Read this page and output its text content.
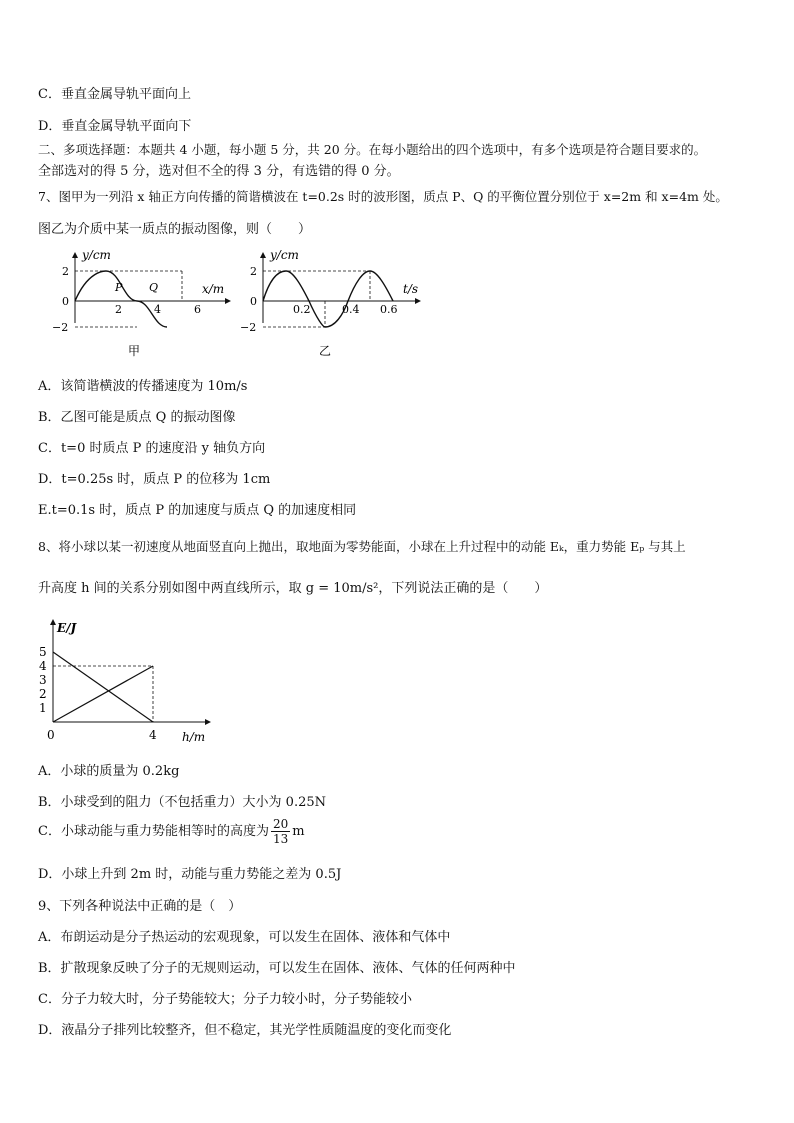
C．垂直金属导轨平面向上
D．垂直金属导轨平面向下
二、多项选择题：本题共 4 小题，每小题 5 分，共 20 分。在每小题给出的四个选项中，有多个选项是符合题目要求的。
全部选对的得 5 分，选对但不全的得 3 分，有选错的得 0 分。
7、图甲为一列沿 x 轴正方向传播的简谐横波在 t=0.2s 时的波形图，质点 P、Q 的平衡位置分别位于 x=2m 和 x=4m 处。
图乙为介质中某一质点的振动图像，则（　　）
2
0
−2
y/cm
x/m
P Q
2	4	6
甲
2
0
−2
y/cm
t/s
0.2	0.4 0.6
乙
A．该简谐横波的传播速度为 10m/s
B．乙图可能是质点 Q 的振动图像
C．t=0 时质点 P 的速度沿 y 轴负方向
D．t=0.25s 时，质点 P 的位移为 1cm
E.t=0.1s 时，质点 P 的加速度与质点 Q 的加速度相同
8、将小球以某一初速度从地面竖直向上抛出，取地面为零势能面，小球在上升过程中的动能 Eₖ，重力势能 Eₚ 与其上
升高度 h 间的关系分别如图中两直线所示，取 g = 10m/s²，下列说法正确的是（　　）
E/J
h/m
5
4
3
2
1
0	4
A．小球的质量为 0.2kg
B．小球受到的阻力（不包括重力）大小为 0.25N
C．小球动能与重力势能相等时的高度为 $\frac{20}{13}$ m
D．小球上升到 2m 时，动能与重力势能之差为 0.5J
9、下列各种说法中正确的是（　）
A．布朗运动是分子热运动的宏观现象，可以发生在固体、液体和气体中
B．扩散现象反映了分子的无规则运动，可以发生在固体、液体、气体的任何两种中
C．分子力较大时，分子势能较大；分子力较小时，分子势能较小
D．液晶分子排列比较整齐，但不稳定，其光学性质随温度的变化而变化
